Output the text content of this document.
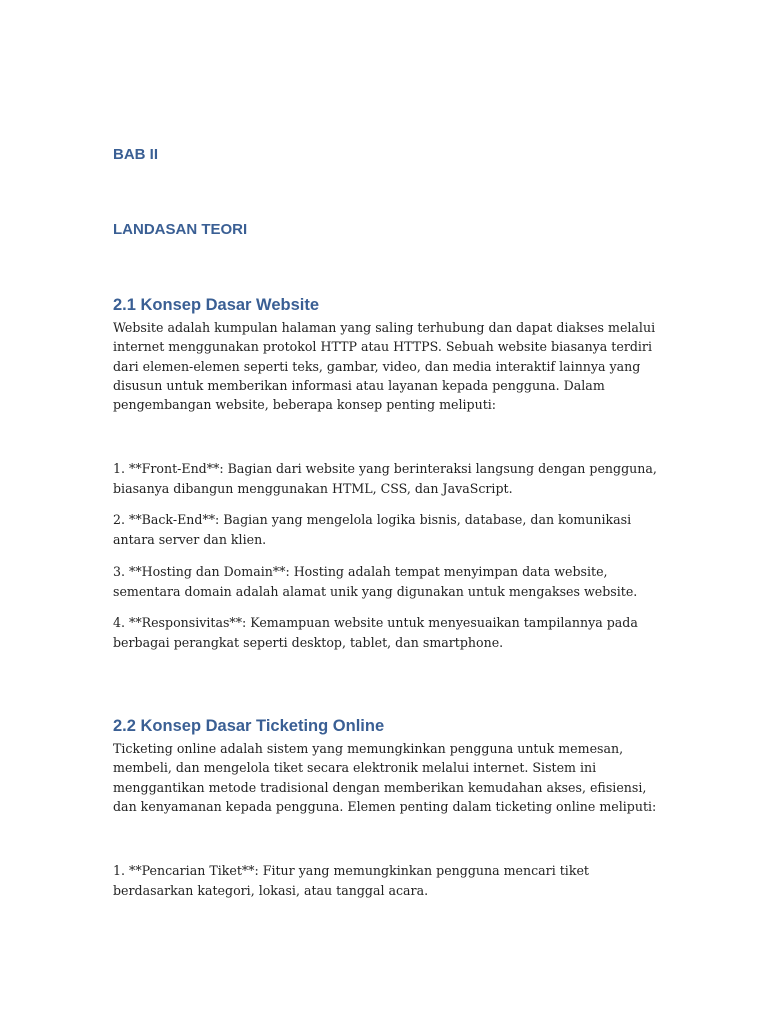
BAB II
LANDASAN TEORI
2.1 Konsep Dasar Website

Website adalah kumpulan halaman yang saling terhubung dan dapat diakses melalui internet menggunakan protokol HTTP atau HTTPS. Sebuah website biasanya terdiri dari elemen-elemen seperti teks, gambar, video, dan media interaktif lainnya yang disusun untuk memberikan informasi atau layanan kepada pengguna. Dalam pengembangan website, beberapa konsep penting meliputi:

1. **Front-End**: Bagian dari website yang berinteraksi langsung dengan pengguna, biasanya dibangun menggunakan HTML, CSS, dan JavaScript.

2. **Back-End**: Bagian yang mengelola logika bisnis, database, dan komunikasi antara server dan klien.

3. **Hosting dan Domain**: Hosting adalah tempat menyimpan data website, sementara domain adalah alamat unik yang digunakan untuk mengakses website.

4. **Responsivitas**: Kemampuan website untuk menyesuaikan tampilannya pada berbagai perangkat seperti desktop, tablet, dan smartphone.

2.2 Konsep Dasar Ticketing Online

Ticketing online adalah sistem yang memungkinkan pengguna untuk memesan, membeli, dan mengelola tiket secara elektronik melalui internet. Sistem ini menggantikan metode tradisional dengan memberikan kemudahan akses, efisiensi, dan kenyamanan kepada pengguna. Elemen penting dalam ticketing online meliputi:

1. **Pencarian Tiket**: Fitur yang memungkinkan pengguna mencari tiket berdasarkan kategori, lokasi, atau tanggal acara.
